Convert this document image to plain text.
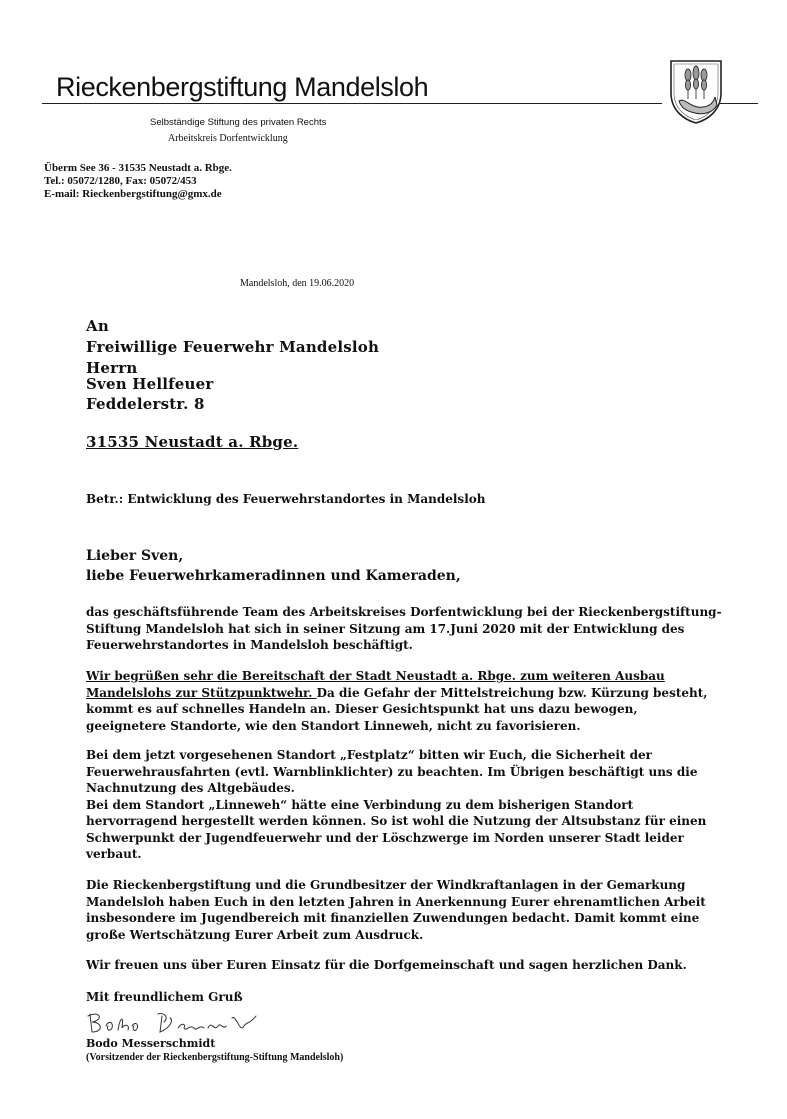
Rieckenbergstiftung Mandelsloh

Selbständige Stiftung des privaten Rechts

Arbeitskreis Dorfentwicklung

Überm See 36 - 31535 Neustadt a. Rbge.

Tel.: 05072/1280, Fax: 05072/453

E-mail: Rieckenbergstiftung@gmx.de

Mandelsloh, den 19.06.2020

An

Freiwillige Feuerwehr Mandelsloh

Herrn

Sven Hellfeuer

Feddelerstr. 8

31535 Neustadt a. Rbge.

Betr.: Entwicklung des Feuerwehrstandortes in Mandelsloh

Lieber Sven,

liebe Feuerwehrkameradinnen und Kameraden,

das geschäftsführende Team des Arbeitskreises Dorfentwicklung bei der Rieckenbergstiftung-
Stiftung Mandelsloh hat sich in seiner Sitzung am 17.Juni 2020 mit der Entwicklung des
Feuerwehrstandortes in Mandelsloh beschäftigt.
Wir begrüßen sehr die Bereitschaft der Stadt Neustadt a. Rbge. zum weiteren Ausbau
Mandelslohs zur Stützpunktwehr. Da die Gefahr der Mittelstreichung bzw. Kürzung besteht,
kommt es auf schnelles Handeln an. Dieser Gesichtspunkt hat uns dazu bewogen,
geeignetere Standorte, wie den Standort Linneweh, nicht zu favorisieren.
Bei dem jetzt vorgesehenen Standort „Festplatz“ bitten wir Euch, die Sicherheit der
Feuerwehrausfahrten (evtl. Warnblinklichter) zu beachten. Im Übrigen beschäftigt uns die
Nachnutzung des Altgebäudes.
Bei dem Standort „Linneweh“ hätte eine Verbindung zu dem bisherigen Standort
hervorragend hergestellt werden können. So ist wohl die Nutzung der Altsubstanz für einen
Schwerpunkt der Jugendfeuerwehr und der Löschzwerge im Norden unserer Stadt leider
verbaut.
Die Rieckenbergstiftung und die Grundbesitzer der Windkraftanlagen in der Gemarkung
Mandelsloh haben Euch in den letzten Jahren in Anerkennung Eurer ehrenamtlichen Arbeit
insbesondere im Jugendbereich mit finanziellen Zuwendungen bedacht. Damit kommt eine
große Wertschätzung Eurer Arbeit zum Ausdruck.
Wir freuen uns über Euren Einsatz für die Dorfgemeinschaft und sagen herzlichen Dank.
Mit freundlichem Gruß

Bodo Messerschmidt

(Vorsitzender der Rieckenbergstiftung-Stiftung Mandelsloh)
